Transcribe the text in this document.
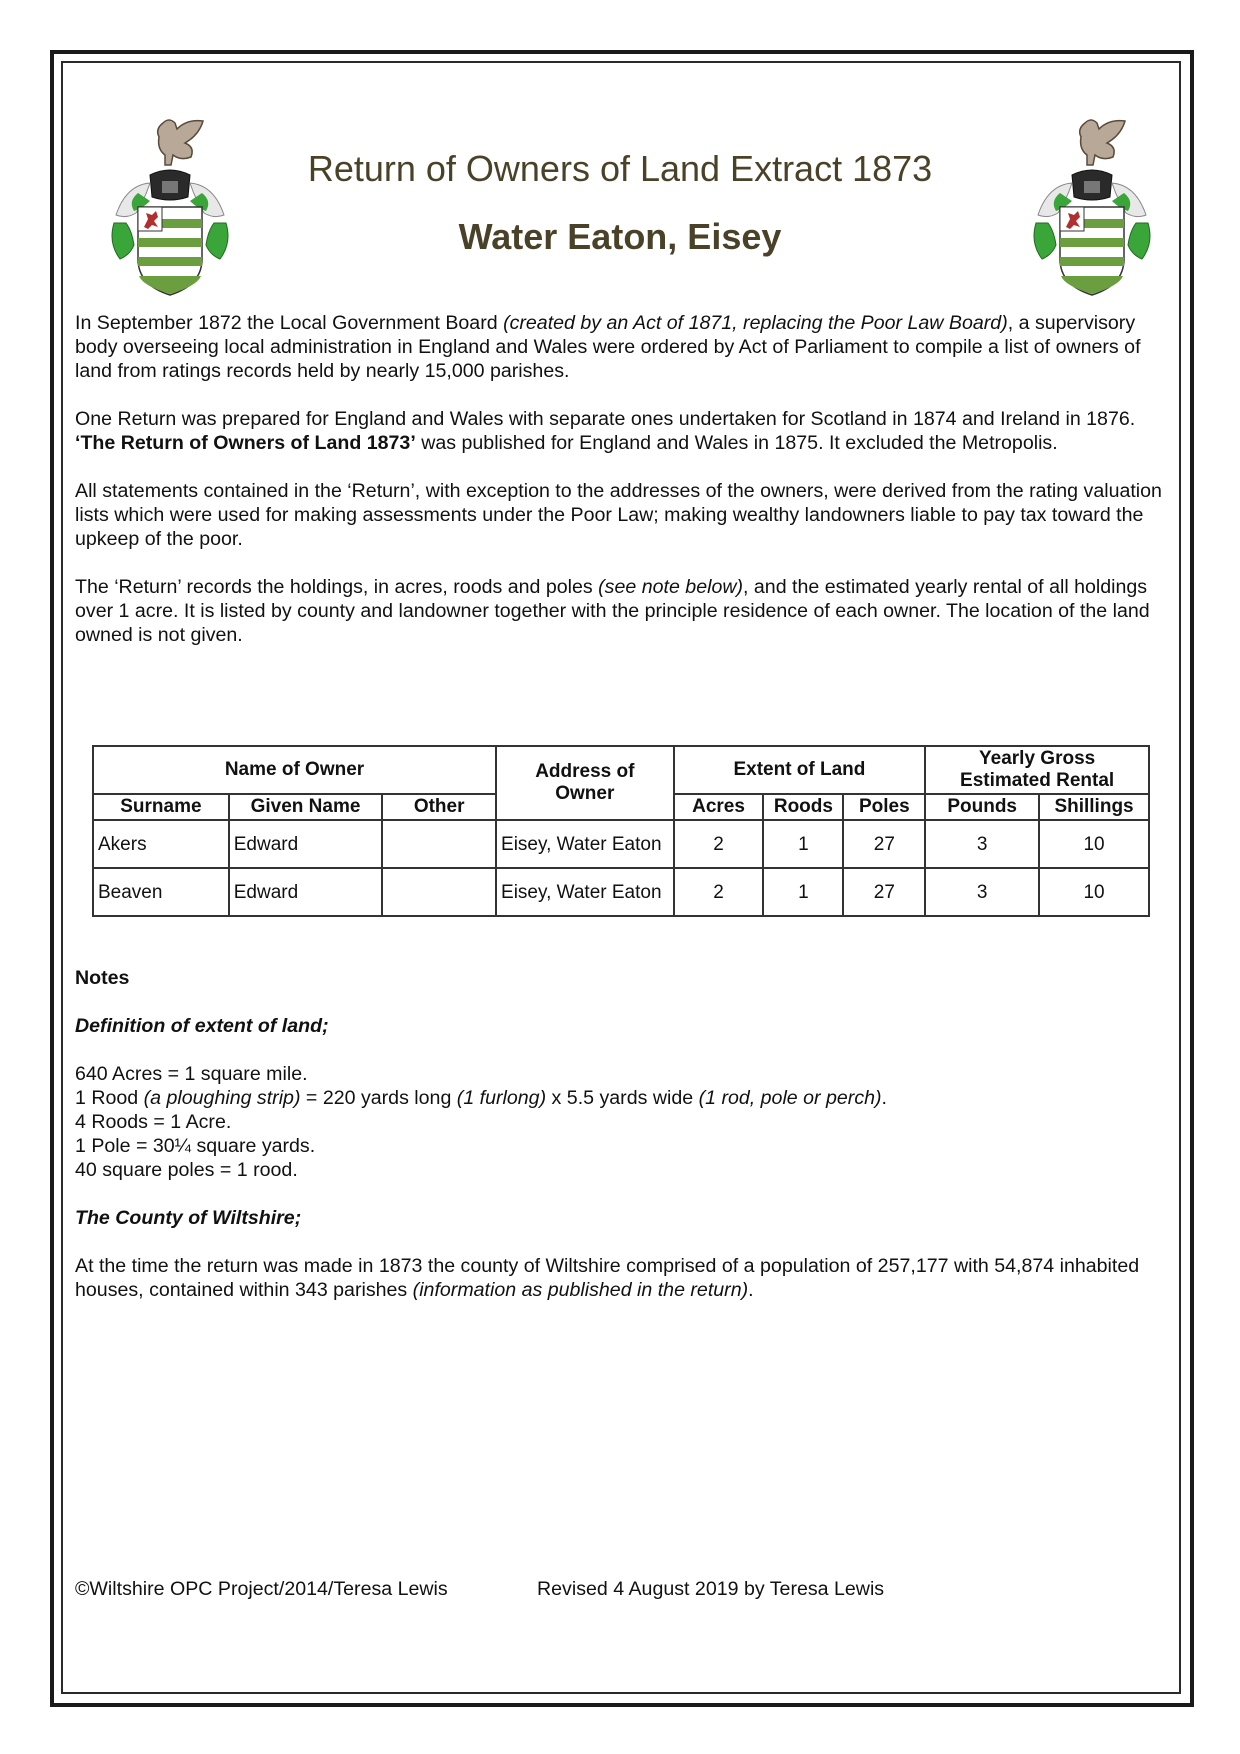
Return of Owners of Land Extract 1873
Water Eaton, Eisey

In September 1872 the Local Government Board (created by an Act of 1871, replacing the Poor Law Board), a supervisory body overseeing local administration in England and Wales were ordered by Act of Parliament to compile a list of owners of land from ratings records held by nearly 15,000 parishes.

One Return was prepared for England and Wales with separate ones undertaken for Scotland in 1874 and Ireland in 1876. ‘The Return of Owners of Land 1873’ was published for England and Wales in 1875. It excluded the Metropolis.

All statements contained in the ‘Return’, with exception to the addresses of the owners, were derived from the rating valuation lists which were used for making assessments under the Poor Law; making wealthy landowners liable to pay tax toward the upkeep of the poor.

The ‘Return’ records the holdings, in acres, roods and poles (see note below), and the estimated yearly rental of all holdings over 1 acre. It is listed by county and landowner together with the principle residence of each owner. The location of the land owned is not given.

Name of Owner			Address of Owner	Extent of Land			Yearly Gross Estimated Rental	
Surname	Given Name	Other		Acres	Roods	Poles	Pounds	Shillings
Akers	Edward		Eisey, Water Eaton	2	1	27	3	10
Beaven	Edward		Eisey, Water Eaton	2	1	27	3	10

Notes

Definition of extent of land;

640 Acres = 1 square mile.

1 Rood (a ploughing strip) = 220 yards long (1 furlong) x 5.5 yards wide (1 rod, pole or perch).

4 Roods = 1 Acre.

1 Pole = 30¼ square yards.

40 square poles = 1 rood.

The County of Wiltshire;

At the time the return was made in 1873 the county of Wiltshire comprised of a population of 257,177 with 54,874 inhabited houses, contained within 343 parishes (information as published in the return).

©Wiltshire OPC Project/2014/Teresa Lewis	Revised 4 August 2019 by Teresa Lewis
